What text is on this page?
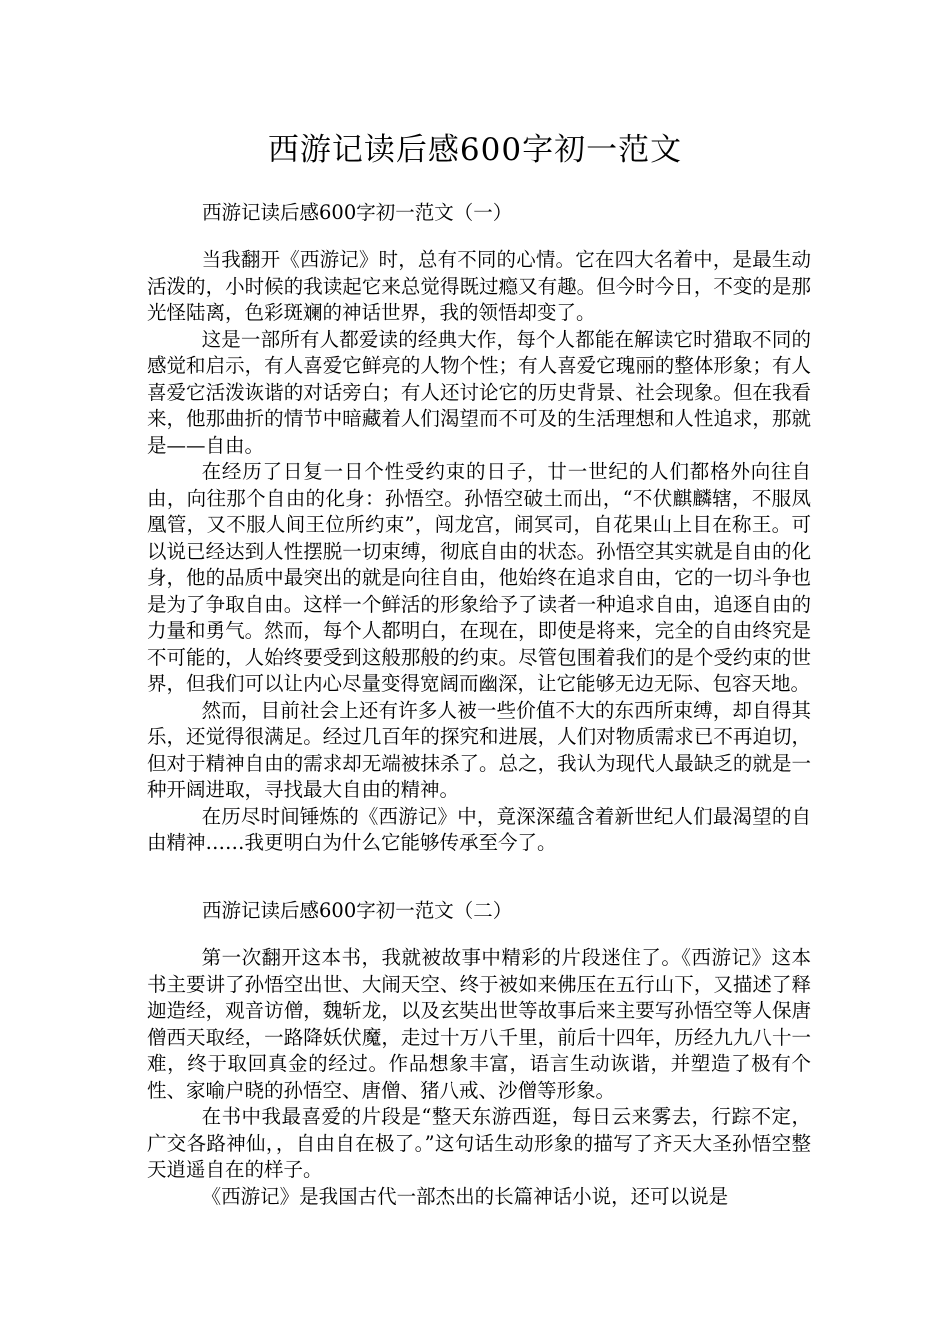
西游记读后感600字初一范文
西游记读后感600字初一范文（一）

当我翻开《西游记》时，总有不同的心情。它在四大名着中，是最生动活泼的，小时候的我读起它来总觉得既过瘾又有趣。但今时今日，不变的是那光怪陆离，色彩斑斓的神话世界，我的领悟却变了。

这是一部所有人都爱读的经典大作，每个人都能在解读它时猎取不同的感觉和启示，有人喜爱它鲜亮的人物个性；有人喜爱它瑰丽的整体形象；有人喜爱它活泼诙谐的对话旁白；有人还讨论它的历史背景、社会现象。但在我看来，他那曲折的情节中暗藏着人们渴望而不可及的生活理想和人性追求，那就是——自由。

在经历了日复一日个性受约束的日子，廿一世纪的人们都格外向往自由，向往那个自由的化身：孙悟空。孙悟空破土而出，“不伏麒麟辖，不服凤凰管，又不服人间王位所约束”，闯龙宫，闹冥司，自花果山上目在称王。可以说已经达到人性摆脱一切束缚，彻底自由的状态。孙悟空其实就是自由的化身，他的品质中最突出的就是向往自由，他始终在追求自由，它的一切斗争也是为了争取自由。这样一个鲜活的形象给予了读者一种追求自由，追逐自由的力量和勇气。然而，每个人都明白，在现在，即使是将来，完全的自由终究是不可能的，人始终要受到这般那般的约束。尽管包围着我们的是个受约束的世界，但我们可以让内心尽量变得宽阔而幽深，让它能够无边无际、包容天地。

然而，目前社会上还有许多人被一些价值不大的东西所束缚，却自得其乐，还觉得很满足。经过几百年的探究和进展，人们对物质需求已不再迫切，但对于精神自由的需求却无端被抹杀了。总之，我认为现代人最缺乏的就是一种开阔进取，寻找最大自由的精神。

在历尽时间锤炼的《西游记》中，竟深深蕴含着新世纪人们最渴望的自由精神……我更明白为什么它能够传承至今了。

西游记读后感600字初一范文（二）

第一次翻开这本书，我就被故事中精彩的片段迷住了。《西游记》这本书主要讲了孙悟空出世、大闹天空、终于被如来佛压在五行山下，又描述了释迦造经，观音访僧，魏斩龙，以及玄奘出世等故事后来主要写孙悟空等人保唐僧西天取经，一路降妖伏魔，走过十万八千里，前后十四年，历经九九八十一难，终于取回真金的经过。作品想象丰富，语言生动诙谐，并塑造了极有个性、家喻户晓的孙悟空、唐僧、猪八戒、沙僧等形象。

在书中我最喜爱的片段是“整天东游西逛，每日云来雾去，行踪不定，广交各路神仙，，自由自在极了。”这句话生动形象的描写了齐天大圣孙悟空整天逍遥自在的样子。

《西游记》是我国古代一部杰出的长篇神话小说，还可以说是
